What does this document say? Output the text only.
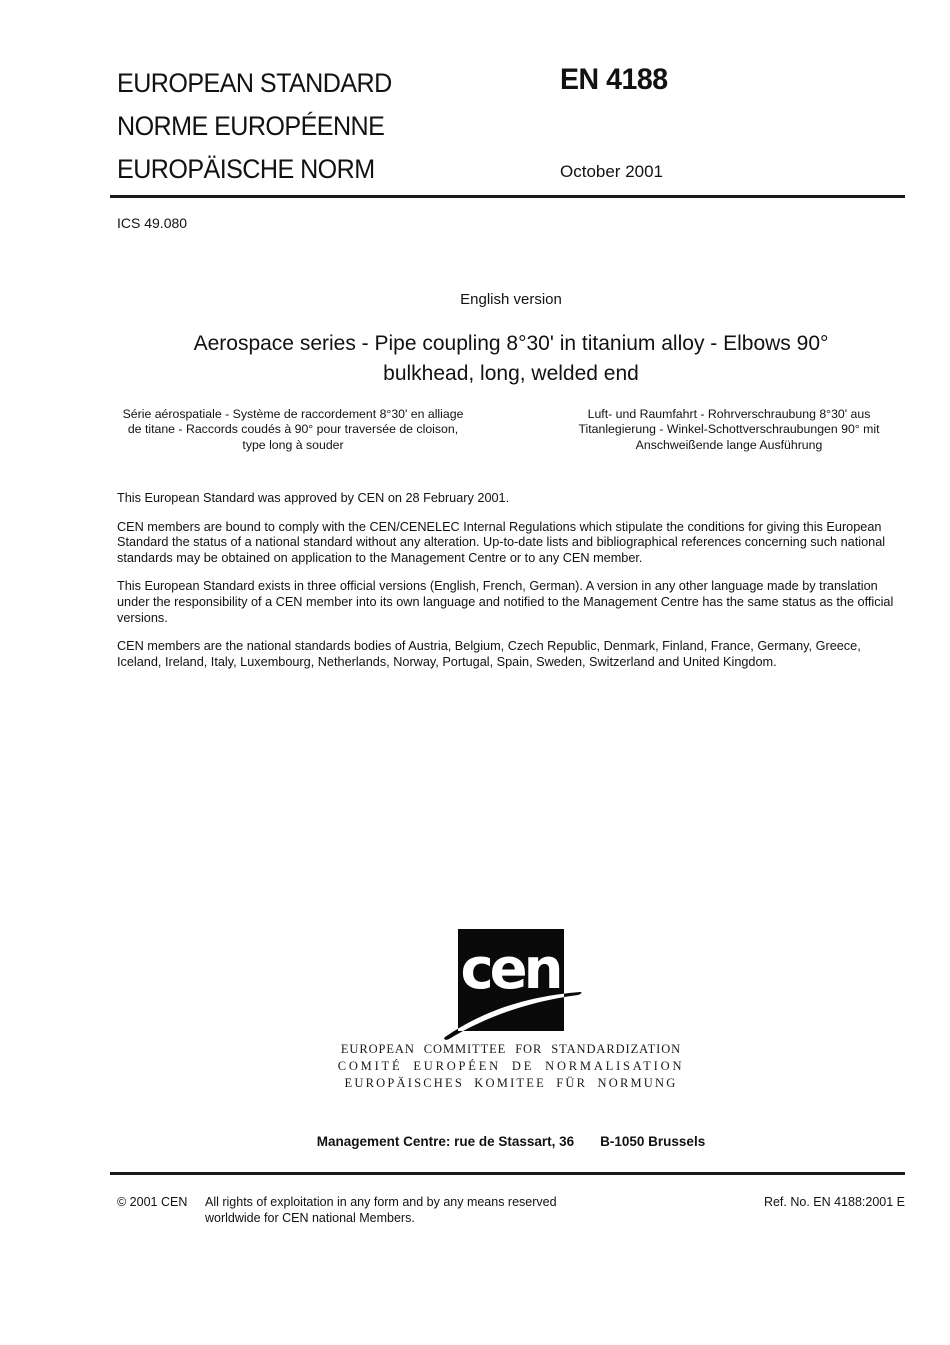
EUROPEAN STANDARD
NORME EUROPÉENNE
EUROPÄISCHE NORM
EN 4188
October 2001
ICS 49.080
English version
Aerospace series - Pipe coupling 8°30' in titanium alloy - Elbows 90° bulkhead, long, welded end
Série aérospatiale - Système de raccordement 8°30' en alliage de titane - Raccords coudés à 90° pour traversée de cloison, type long à souder
Luft- und Raumfahrt - Rohrverschraubung 8°30' aus Titanlegierung - Winkel-Schottverschraubungen 90° mit Anschweißende lange Ausführung

This European Standard was approved by CEN on 28 February 2001.

CEN members are bound to comply with the CEN/CENELEC Internal Regulations which stipulate the conditions for giving this European Standard the status of a national standard without any alteration. Up-to-date lists and bibliographical references concerning such national standards may be obtained on application to the Management Centre or to any CEN member.

This European Standard exists in three official versions (English, French, German). A version in any other language made by translation under the responsibility of a CEN member into its own language and notified to the Management Centre has the same status as the official versions.

CEN members are the national standards bodies of Austria, Belgium, Czech Republic, Denmark, Finland, France, Germany, Greece, Iceland, Ireland, Italy, Luxembourg, Netherlands, Norway, Portugal, Spain, Sweden, Switzerland and United Kingdom.

cen
EUROPEAN COMMITTEE FOR STANDARDIZATION
COMITÉ EUROPÉEN DE NORMALISATION
EUROPÄISCHES KOMITEE FÜR NORMUNG
Management Centre: rue de Stassart, 36 B-1050 Brussels
© 2001 CEN	All rights of exploitation in any form and by any means reserved worldwide for CEN national Members.
Ref. No. EN 4188:2001 E
